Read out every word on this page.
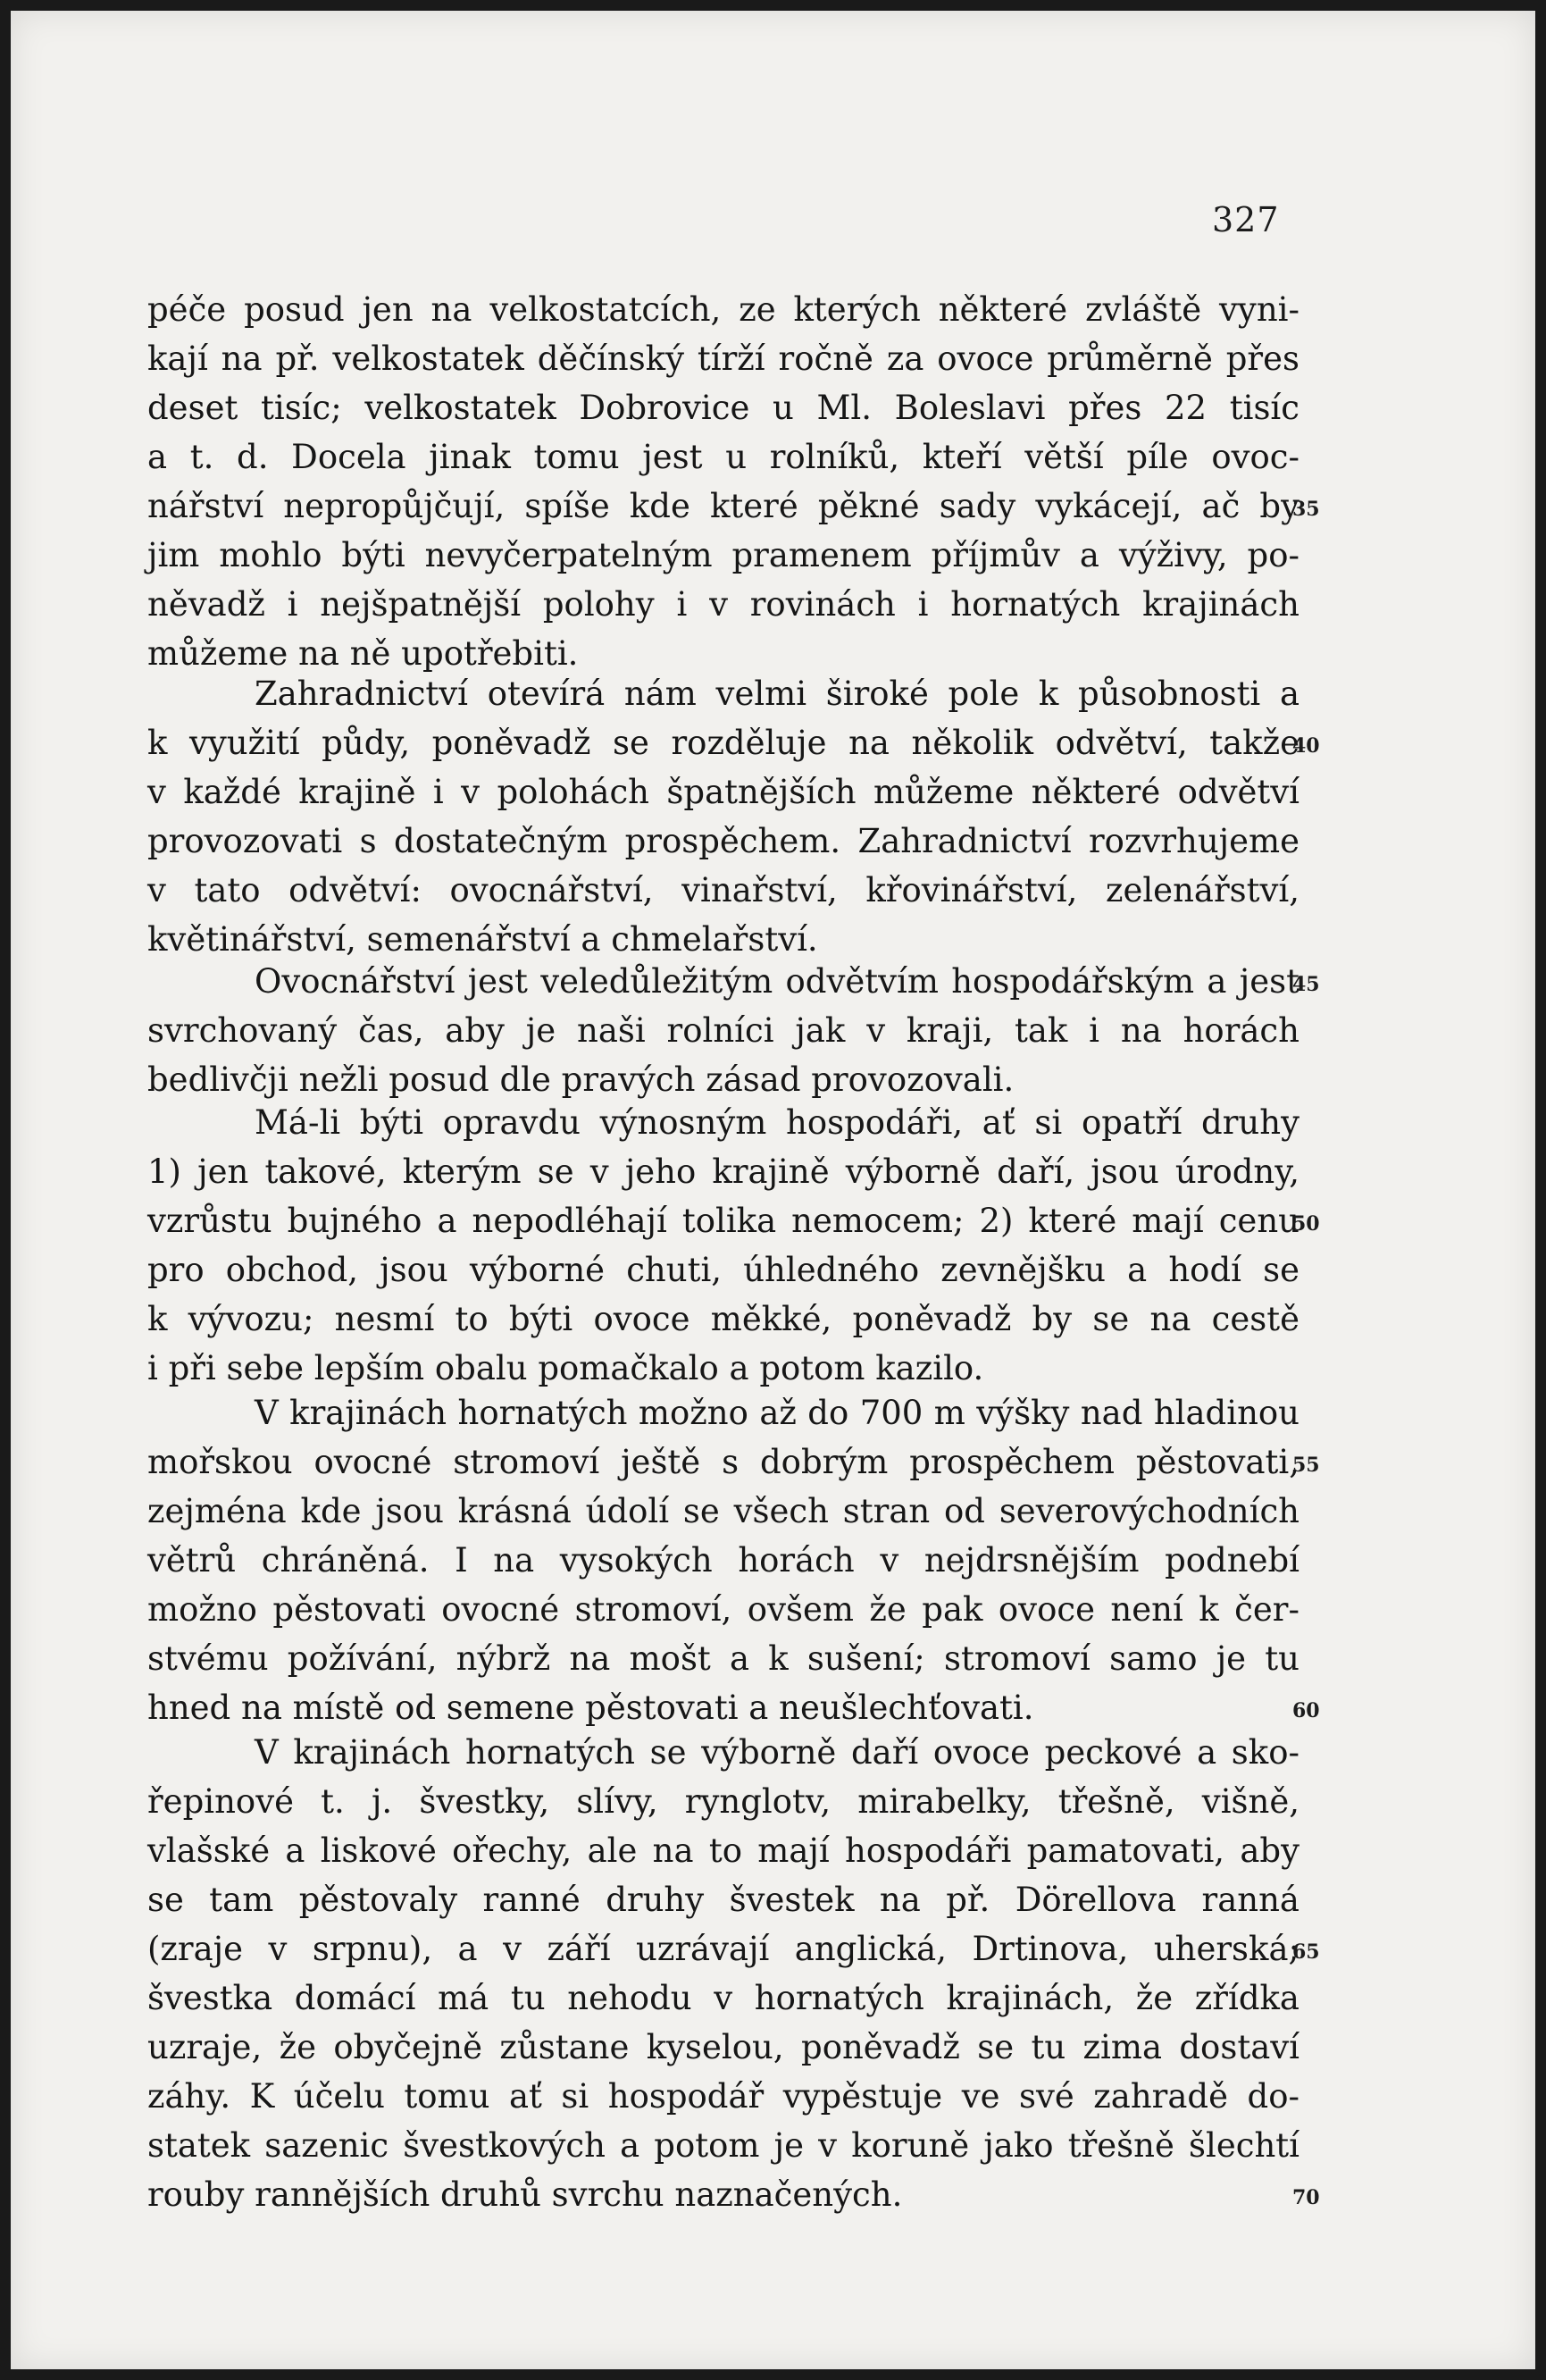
327
péče posud jen na velkostatcích, ze kterých některé zvláště vyni-
kají na př. velkostatek děčínský tírží ročně za ovoce průměrně přes
deset tisíc; velkostatek Dobrovice u Ml. Boleslavi přes 22 tisíc
a t. d. Docela jinak tomu jest u rolníků, kteří větší píle ovoc-
nářství nepropůjčují, spíše kde které pěkné sady vykácejí, ač by
jim mohlo býti nevyčerpatelným pramenem příjmův a výživy, po-
něvadž i nejšpatnější polohy i v rovinách i hornatých krajinách
můžeme na ně upotřebiti.
Zahradnictví otevírá nám velmi široké pole k působnosti a
k využití půdy, poněvadž se rozděluje na několik odvětví, takže
v každé krajině i v polohách špatnějších můžeme některé odvětví
provozovati s dostatečným prospěchem. Zahradnictví rozvrhujeme
v tato odvětví: ovocnářství, vinařství, křovinářství, zelenářství,
květinářství, semenářství a chmelařství.
Ovocnářství jest veledůležitým odvětvím hospodářským a jest
svrchovaný čas, aby je naši rolníci jak v kraji, tak i na horách
bedlivčji nežli posud dle pravých zásad provozovali.
Má-li býti opravdu výnosným hospodáři, ať si opatří druhy
1) jen takové, kterým se v jeho krajině výborně daří, jsou úrodny,
vzrůstu bujného a nepodléhají tolika nemocem; 2) které mají cenu
pro obchod, jsou výborné chuti, úhledného zevnějšku a hodí se
k vývozu; nesmí to býti ovoce měkké, poněvadž by se na cestě
i při sebe lepším obalu pomačkalo a potom kazilo.
V krajinách hornatých možno až do 700 m výšky nad hladinou
mořskou ovocné stromoví ještě s dobrým prospěchem pěstovati,
zejména kde jsou krásná údolí se všech stran od severovýchodních
větrů chráněná. I na vysokých horách v nejdrsnějším podnebí
možno pěstovati ovocné stromoví, ovšem že pak ovoce není k čer-
stvému požívání, nýbrž na mošt a k sušení; stromoví samo je tu
hned na místě od semene pěstovati a neušlechťovati.
V krajinách hornatých se výborně daří ovoce peckové a sko-
řepinové t. j. švestky, slívy, rynglotv, mirabelky, třešně, višně,
vlašské a liskové ořechy, ale na to mají hospodáři pamatovati, aby
se tam pěstovaly ranné druhy švestek na př. Dörellova ranná
(zraje v srpnu), a v září uzrávají anglická, Drtinova, uherská;
švestka domácí má tu nehodu v hornatých krajinách, že zřídka
uzraje, že obyčejně zůstane kyselou, poněvadž se tu zima dostaví
záhy. K účelu tomu ať si hospodář vypěstuje ve své zahradě do-
statek sazenic švestkových a potom je v koruně jako třešně šlechtí
rouby rannějších druhů svrchu naznačených.
35
40
45
50
55
60
65
70
